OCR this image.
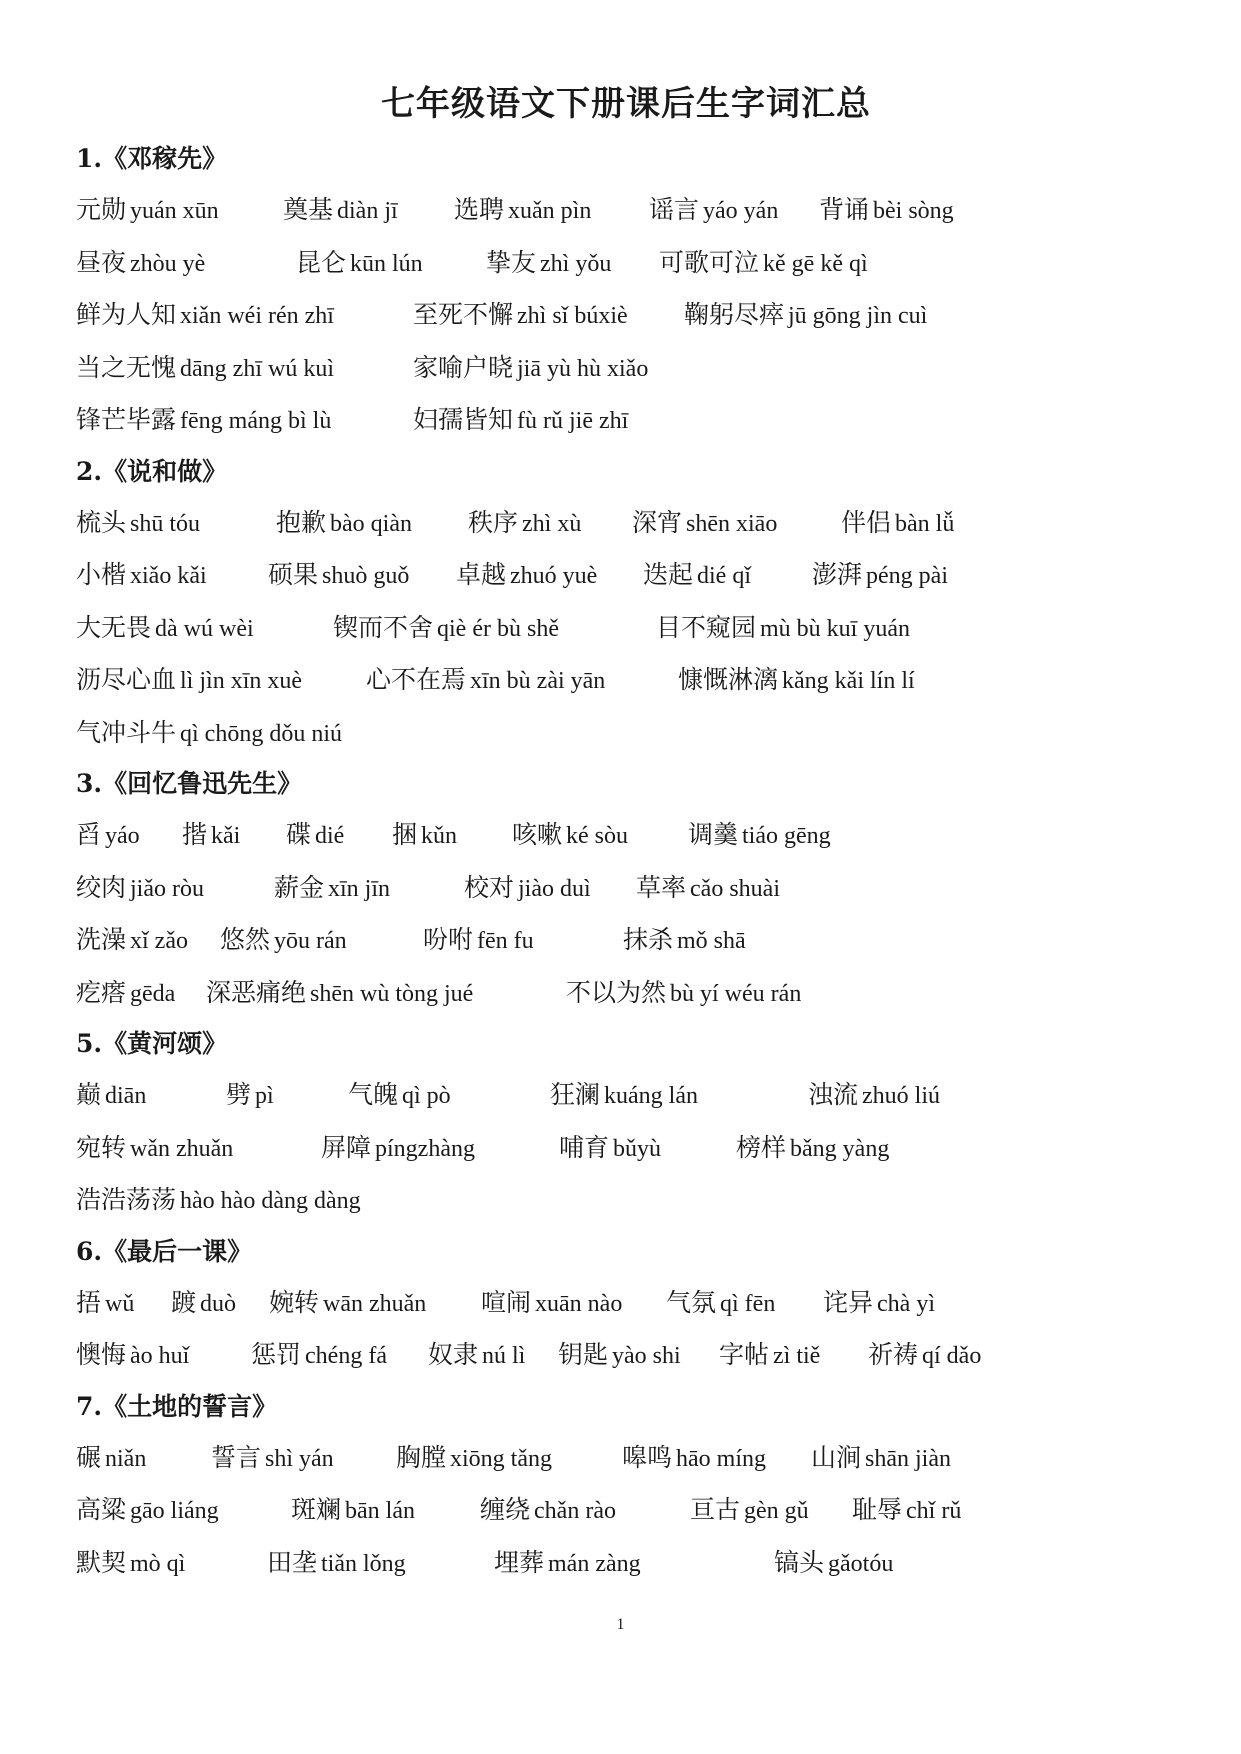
七年级语文下册课后生字词汇总
1.《邓稼先》
元勋 yuán xūn	奠基 diàn jī 选聘 xuǎn pìn 谣言 yáo yán 背诵 bèi sòng
昼夜 zhòu yè	昆仑 kūn lún	挚友 zhì yǒu 可歌可泣 kě gē kě qì
鲜为人知 xiǎn wéi rén zhī	至死不懈 zhì sǐ búxiè 鞠躬尽瘁 jū gōng jìn cuì
当之无愧 dāng zhī wú kuì	家喻户晓 jiā yù hù xiǎo
锋芒毕露 fēng máng bì lù	妇孺皆知 fù rǔ jiē zhī
2.《说和做》
梳头 shū tóu	抱歉 bào qiàn 秩序 zhì xù 深宵 shēn xiāo	伴侣 bàn lǚ
小楷 xiǎo kǎi 硕果 shuò guǒ 卓越 zhuó yuè 迭起 dié qǐ 澎湃 péng pài
大无畏 dà wú wèi	锲而不舍 qiè ér bù shě	目不窥园 mù bù kuī yuán
沥尽心血 lì jìn xīn xuè	心不在焉 xīn bù zài yān	慷慨淋漓 kǎng kǎi lín lí
气冲斗牛 qì chōng dǒu niú
3.《回忆鲁迅先生》
舀 yáo 揩 kǎi 碟 dié 捆 kǔn 咳嗽 ké sòu 调羹 tiáo gēng
绞肉 jiǎo ròu	薪金 xīn jīn	校对 jiào duì 草率 cǎo shuài
洗澡 xǐ zǎo 悠然 yōu rán	吩咐 fēn fu	抹杀 mǒ shā
疙瘩 gēda 深恶痛绝 shēn wù tòng jué	不以为然 bù yí wéu rán
5.《黄河颂》
巅 diān	劈 pì	气魄 qì pò	狂澜 kuáng lán	浊流 zhuó liú
宛转 wǎn zhuǎn	屏障 píngzhàng	哺育 bǔyù	榜样 bǎng yàng
浩浩荡荡 hào hào dàng dàng
6.《最后一课》
捂 wǔ 踱 duò 婉转 wān zhuǎn 喧闹 xuān nào 气氛 qì fēn 诧异 chà yì
懊悔 ào huǐ 惩罚 chéng fá 奴隶 nú lì 钥匙 yào shi 字帖 zì tiě 祈祷 qí dǎo
7.《土地的誓言》
碾 niǎn	誓言 shì yán 胸膛 xiōng tǎng	嗥鸣 hāo míng 山涧 shān jiàn
高粱 gāo liáng	斑斓 bān lán	缠绕 chǎn rào	亘古 gèn gǔ 耻辱 chǐ rǔ
默契 mò qì	田垄 tiǎn lǒng	埋葬 mán zàng	镐头 gǎotóu
1
